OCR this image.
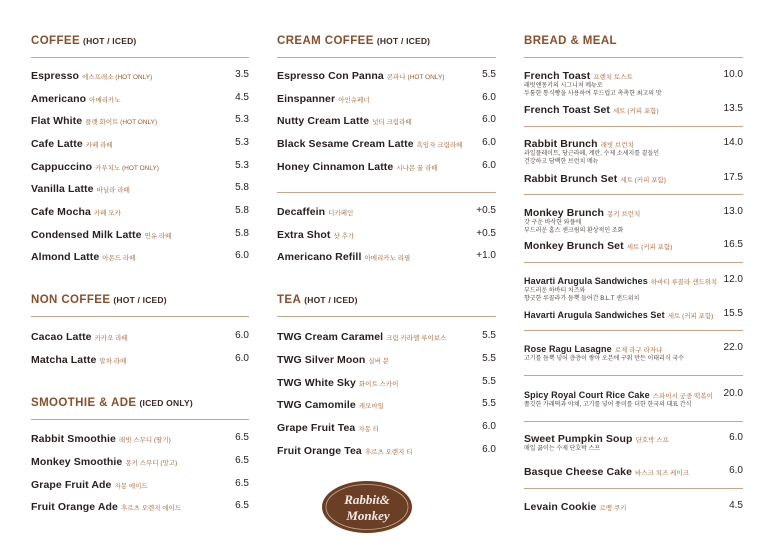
COFFEE (HOT / ICED)
Espresso 에스프레소 (HOT ONLY)	3.5
Americano 아메리카노	4.5
Flat White 플랫 화이트 (HOT ONLY)	5.3
Cafe Latte 카페 라떼	5.3
Cappuccino 카푸치노 (HOT ONLY)	5.3
Vanilla Latte 바닐라 라떼	5.8
Cafe Mocha 카페 모카	5.8
Condensed Milk Latte 연유 라떼	5.8
Almond Latte 아몬드 라떼	6.0
NON COFFEE (HOT / ICED)
Cacao Latte 카카오 라떼	6.0
Matcha Latte 말차 라떼	6.0
SMOOTHIE & ADE (ICED ONLY)
Rabbit Smoothie 래빗 스무디 (딸기)	6.5
Monkey Smoothie 몽키 스무디 (망고)	6.5
Grape Fruit Ade 자몽 에이드	6.5
Fruit Orange Ade 후르츠 오렌지 에이드	6.5
CREAM COFFEE (HOT / ICED)
Espresso Con Panna 콘파나 (HOT ONLY)	5.5
Einspanner 아인슈페너	6.0
Nutty Cream Latte 넛티 크림라떼	6.0
Black Sesame Cream Latte 흑임자 크림라떼 6.0
Honey Cinnamon Latte 시나몬 꿀 라떼	6.0
Decaffein 디카페인	+0.5
Extra Shot 샷 추가	+0.5
Americano Refill 아메리카노 리필	+1.0
TEA (HOT / ICED)
TWG Cream Caramel 크림 카라멜 루이보스	5.5
TWG Silver Moon 실버 문	5.5
TWG White Sky 화이트 스카이	5.5
TWG Camomile 캐모마일	5.5
Grape Fruit Tea 자몽 티	6.0
Fruit Orange Tea 후르츠 오렌지 티	6.0
Rabbit&
Monkey
BREAD & MEAL
French Toast 프렌치 토스트	10.0
래빗앤몽키의 시그니처 메뉴로
두툼한 통식빵을 사용하여 부드럽고 촉촉한 최고의 맛
French Toast Set 세트 (커피 포함)	13.5
Rabbit Brunch 래빗 브런치	14.0
과일플레이트, 당근라페, 계란, 수제 소세지를 곁들인
건강하고 담백한 브런치 메뉴
Rabbit Brunch Set 세트 (커피 포함)	17.5
Monkey Brunch 몽키 브런치	13.0
갓 구운 바삭한 와플에
부드러운 홈스 샌크림의 환상적인 조화
Monkey Brunch Set 세트 (커피 포함)	16.5
Havarti Arugula Sandwiches 하바티 루꼴라 샌드위치 12.0
부드러운 하바티 치즈와
향긋한 루꼴라가 듬뿍 들어간 B.L.T 샌드위치
Havarti Arugula Sandwiches Set 세트 (커피 포함) 15.5
Rose Ragu Lasagne 로제 라구 라자냐	22.0
고기를 듬뿍 넣어 층층이 쌓아 오븐에 구워 만든 이태리식 국수
Spicy Royal Court Rice Cake 스파이시 궁중 떡볶이 20.0
쫄깃한 가래떡과 야채, 고기를 넣어 풍미를 더한 한국의 대표 간식
Sweet Pumpkin Soup 단호박 스프	6.0
매일 끓이는 수제 단호박 스프
Basque Cheese Cake 바스크 치즈 케이크	6.0
Levain Cookie 르뱅 쿠키	4.5
